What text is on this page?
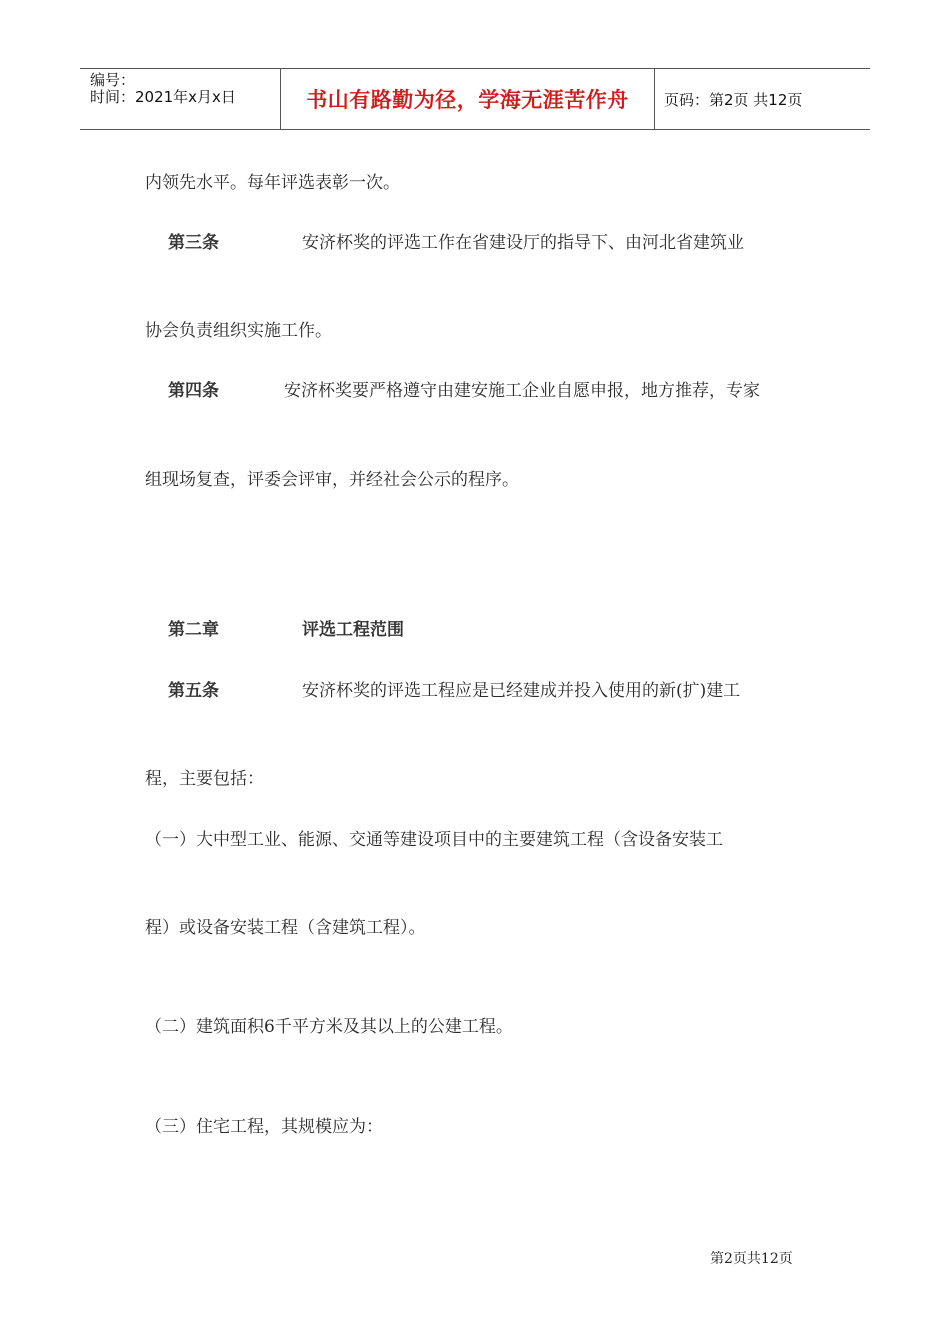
编号：
时间：2021年x月x日	书山有路勤为径，学海无涯苦作舟 页码：第2页 共12页
内领先水平。每年评选表彰一次。
第三条	安济杯奖的评选工作在省建设厅的指导下、由河北省建筑业
协会负责组织实施工作。
第四条	安济杯奖要严格遵守由建安施工企业自愿申报，地方推荐，专家
组现场复查，评委会评审，并经社会公示的程序。
第二章	评选工程范围
第五条	安济杯奖的评选工程应是已经建成并投入使用的新(扩)建工
程，主要包括：
（一）大中型工业、能源、交通等建设项目中的主要建筑工程（含设备安装工
程）或设备安装工程（含建筑工程）。
（二）建筑面积6千平方米及其以上的公建工程。
（三）住宅工程，其规模应为：
第2页共12页
